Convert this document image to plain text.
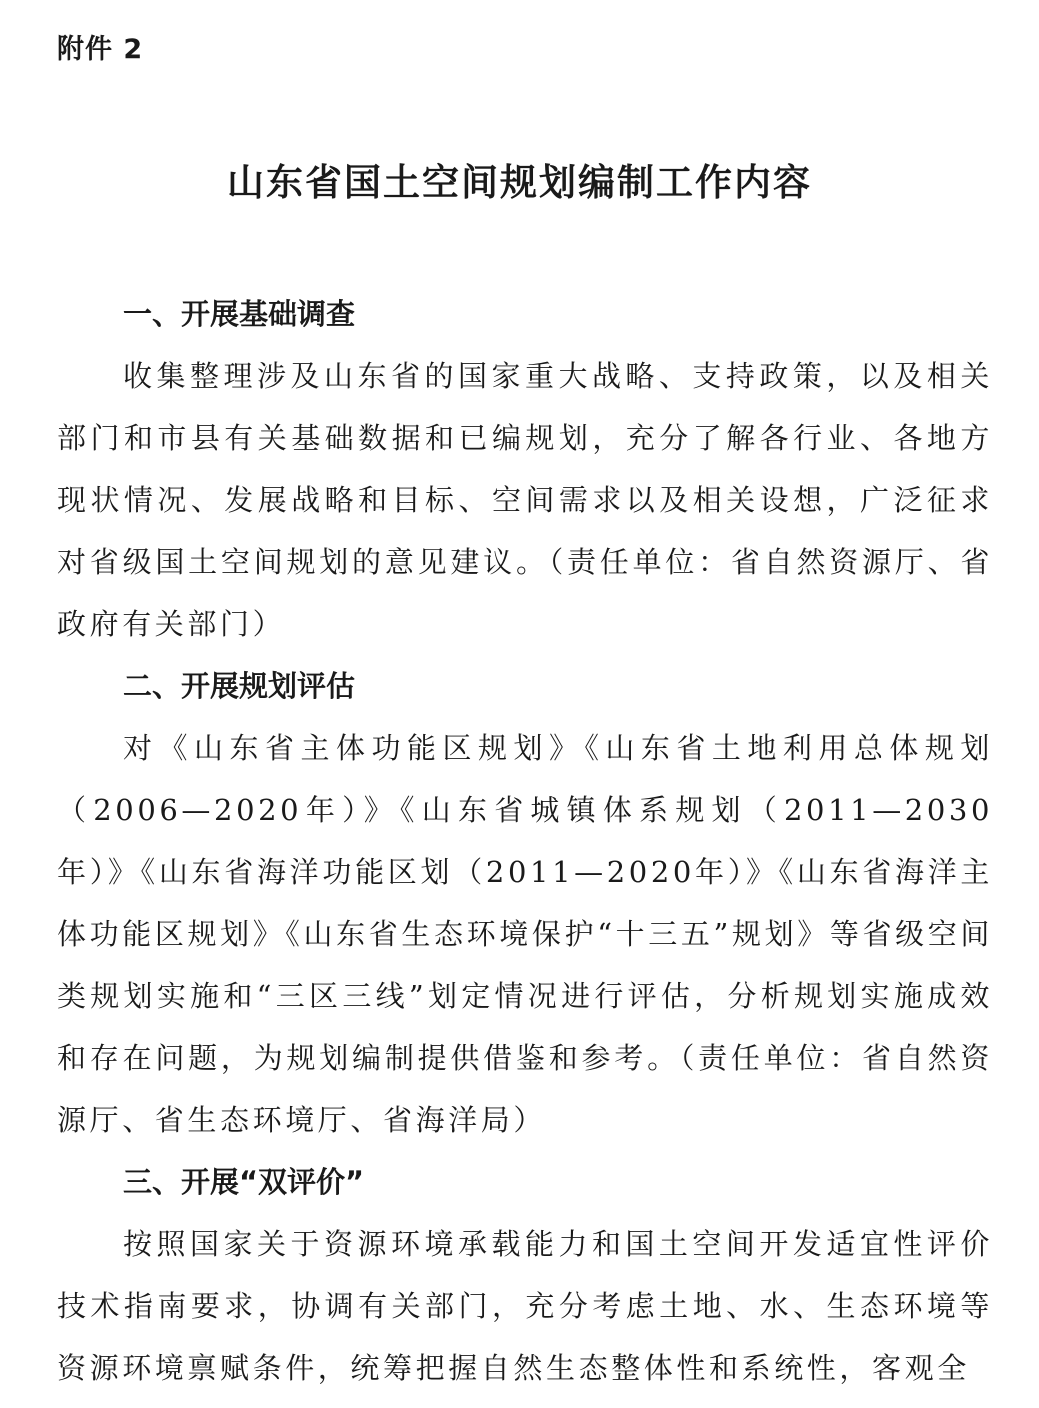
附件 2
山东省国土空间规划编制工作内容
一、开展基础调查

收集整理涉及山东省的国家重大战略、支持政策，以及相关部门和市县有关基础数据和已编规划，充分了解各行业、各地方现状情况、发展战略和目标、空间需求以及相关设想，广泛征求对省级国土空间规划的意见建议。（责任单位：省自然资源厅、省政府有关部门）

二、开展规划评估

对《山东省主体功能区规划》《山东省土地利用总体规划（2006—2020年）》《山东省城镇体系规划（2011—2030年）》《山东省海洋功能区划（2011—2020年）》《山东省海洋主体功能区规划》《山东省生态环境保护“十三五”规划》等省级空间类规划实施和“三区三线”划定情况进行评估，分析规划实施成效和存在问题，为规划编制提供借鉴和参考。（责任单位：省自然资源厅、省生态环境厅、省海洋局）

三、开展“双评价”

按照国家关于资源环境承载能力和国土空间开发适宜性评价技术指南要求，协调有关部门，充分考虑土地、水、生态环境等资源环境禀赋条件，统筹把握自然生态整体性和系统性，客观全
